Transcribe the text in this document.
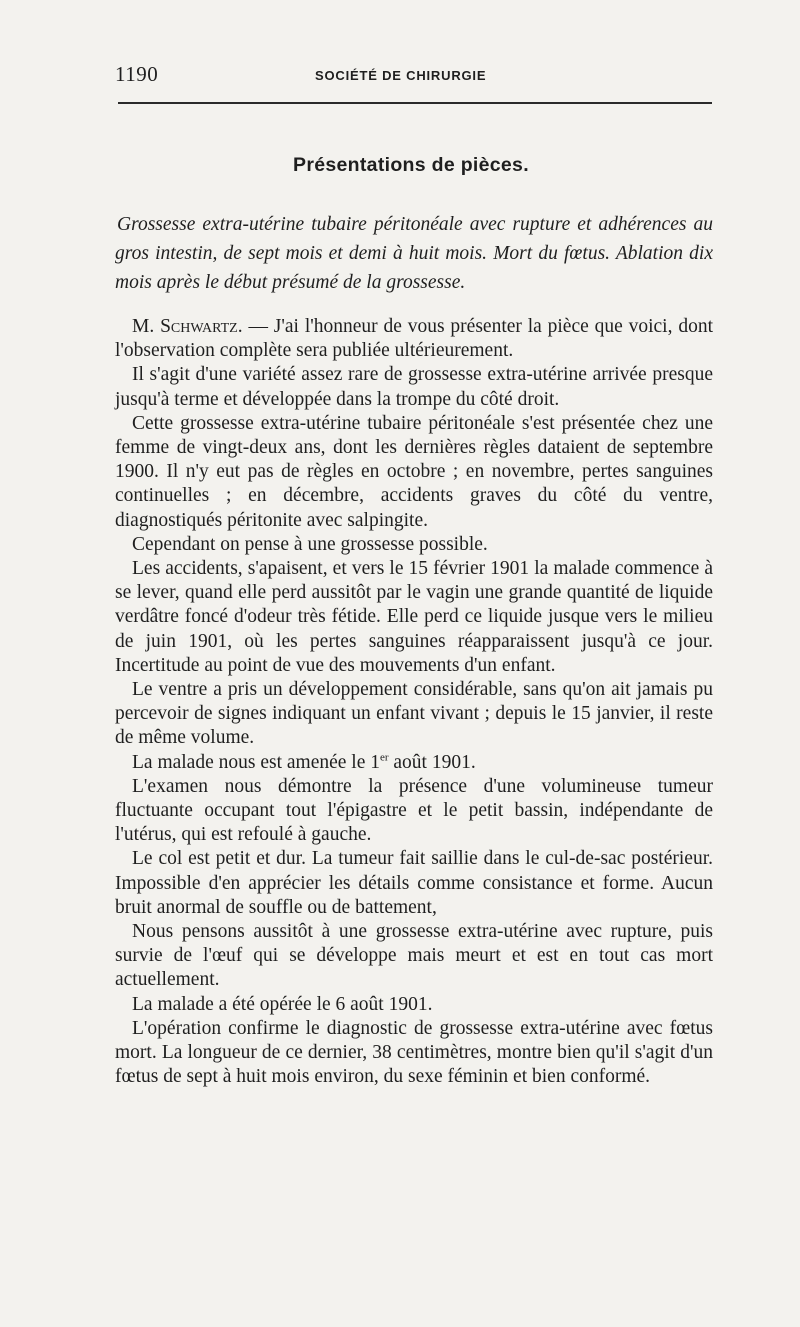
1190	SOCIÉTÉ DE CHIRURGIE
Présentations de pièces.
Grossesse extra-utérine tubaire péritonéale avec rupture et adhérences au gros intestin, de sept mois et demi à huit mois. Mort du fœtus. Ablation dix mois après le début présumé de la grossesse.

M. Schwartz. — J'ai l'honneur de vous présenter la pièce que voici, dont l'observation complète sera publiée ultérieurement.

Il s'agit d'une variété assez rare de grossesse extra-utérine arrivée presque jusqu'à terme et développée dans la trompe du côté droit.

Cette grossesse extra-utérine tubaire péritonéale s'est présentée chez une femme de vingt-deux ans, dont les dernières règles dataient de septembre 1900. Il n'y eut pas de règles en octobre ; en novembre, pertes sanguines continuelles ; en décembre, accidents graves du côté du ventre, diagnostiqués péritonite avec salpingite.

Cependant on pense à une grossesse possible.

Les accidents, s'apaisent, et vers le 15 février 1901 la malade commence à se lever, quand elle perd aussitôt par le vagin une grande quantité de liquide verdâtre foncé d'odeur très fétide. Elle perd ce liquide jusque vers le milieu de juin 1901, où les pertes sanguines réapparaissent jusqu'à ce jour. Incertitude au point de vue des mouvements d'un enfant.

Le ventre a pris un développement considérable, sans qu'on ait jamais pu percevoir de signes indiquant un enfant vivant ; depuis le 15 janvier, il reste de même volume.

La malade nous est amenée le 1er août 1901.

L'examen nous démontre la présence d'une volumineuse tumeur fluctuante occupant tout l'épigastre et le petit bassin, indépendante de l'utérus, qui est refoulé à gauche.

Le col est petit et dur. La tumeur fait saillie dans le cul-de-sac postérieur. Impossible d'en apprécier les détails comme consistance et forme. Aucun bruit anormal de souffle ou de battement,

Nous pensons aussitôt à une grossesse extra-utérine avec rupture, puis survie de l'œuf qui se développe mais meurt et est en tout cas mort actuellement.

La malade a été opérée le 6 août 1901.

L'opération confirme le diagnostic de grossesse extra-utérine avec fœtus mort. La longueur de ce dernier, 38 centimètres, montre bien qu'il s'agit d'un fœtus de sept à huit mois environ, du sexe féminin et bien conformé.
